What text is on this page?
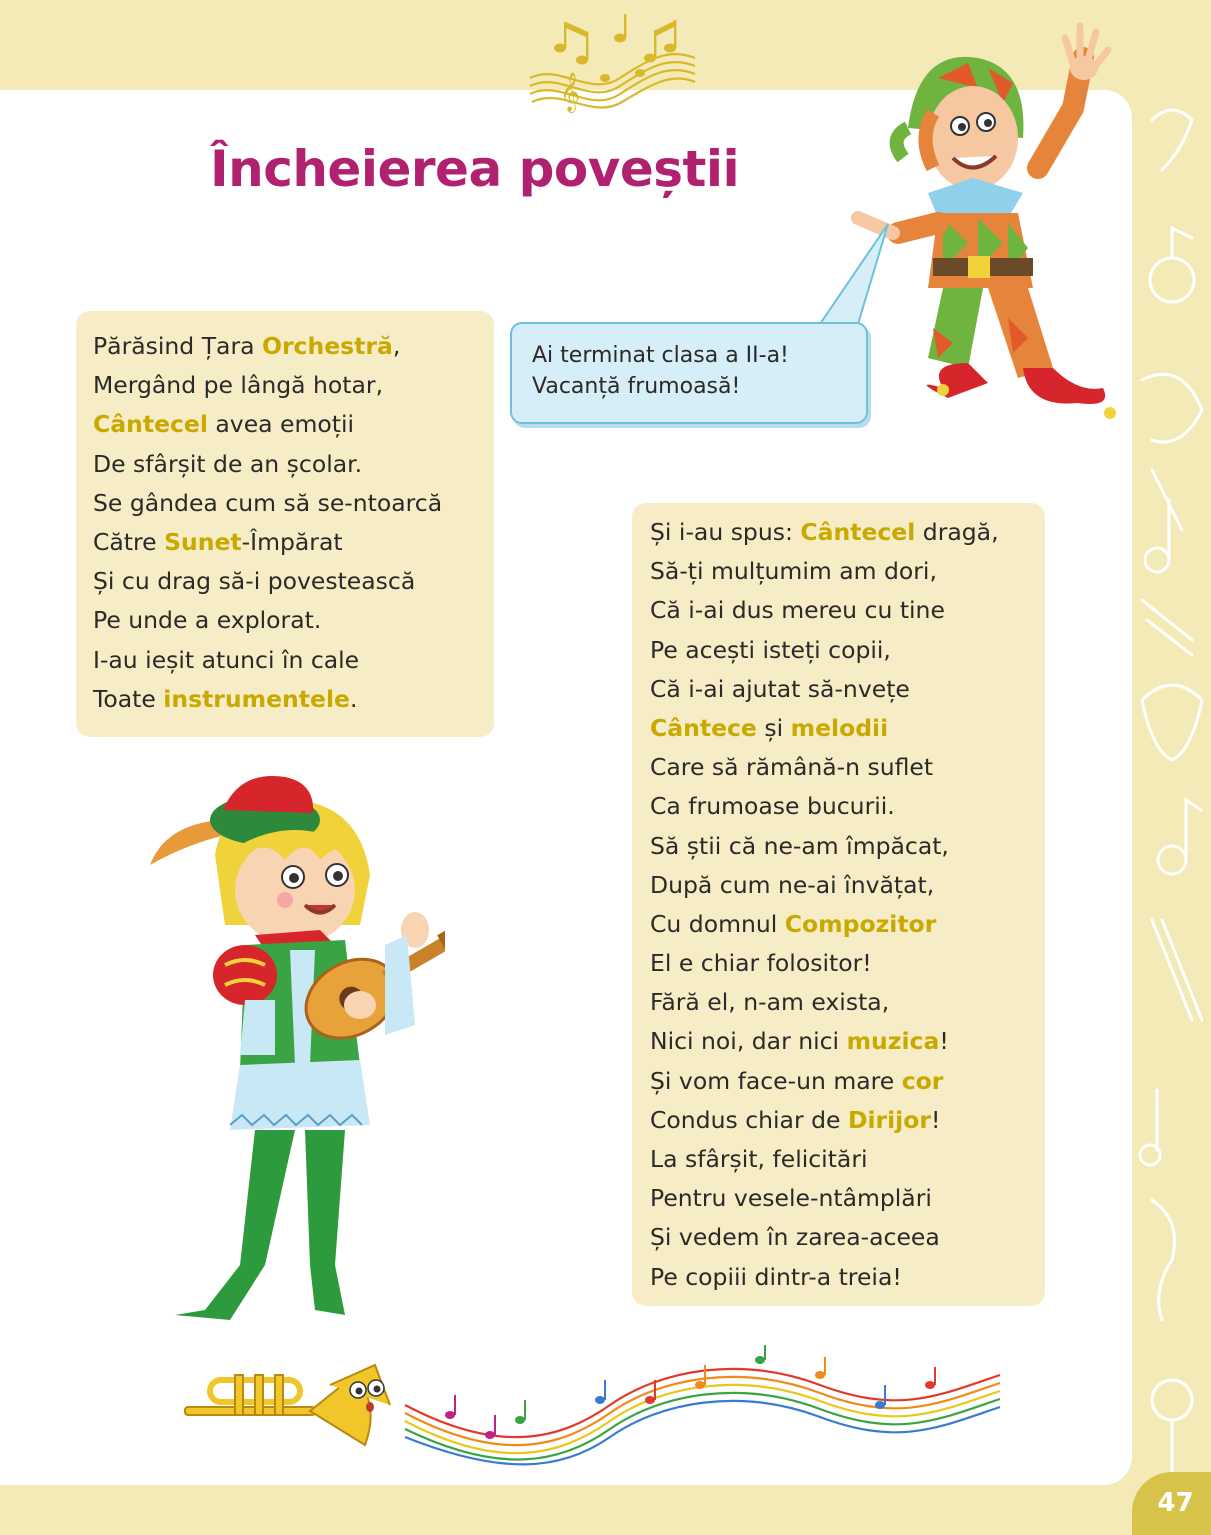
𝄞
Încheierea poveștii
Ai terminat clasa a II-a!
Vacanță frumoasă!
Părăsind Țara Orchestră,
Mergând pe lângă hotar,
Cântecel avea emoții
De sfârșit de an școlar.
Se gândea cum să se-ntoarcă
Către Sunet-Împărat
Și cu drag să-i povestească
Pe unde a explorat.
I-au ieșit atunci în cale
Toate instrumentele.
Și i-au spus: Cântecel dragă,
Să-ți mulțumim am dori,
Că i-ai dus mereu cu tine
Pe acești isteți copii,
Că i-ai ajutat să-nvețe
Cântece și melodii
Care să rămână-n suflet
Ca frumoase bucurii.
Să știi că ne-am împăcat,
După cum ne-ai învățat,
Cu domnul Compozitor
El e chiar folositor!
Fără el, n-am exista,
Nici noi, dar nici muzica!
Și vom face-un mare cor
Condus chiar de Dirijor!
La sfârșit, felicitări
Pentru vesele-ntâmplări
Și vedem în zarea-aceea
Pe copiii dintr-a treia!
47
